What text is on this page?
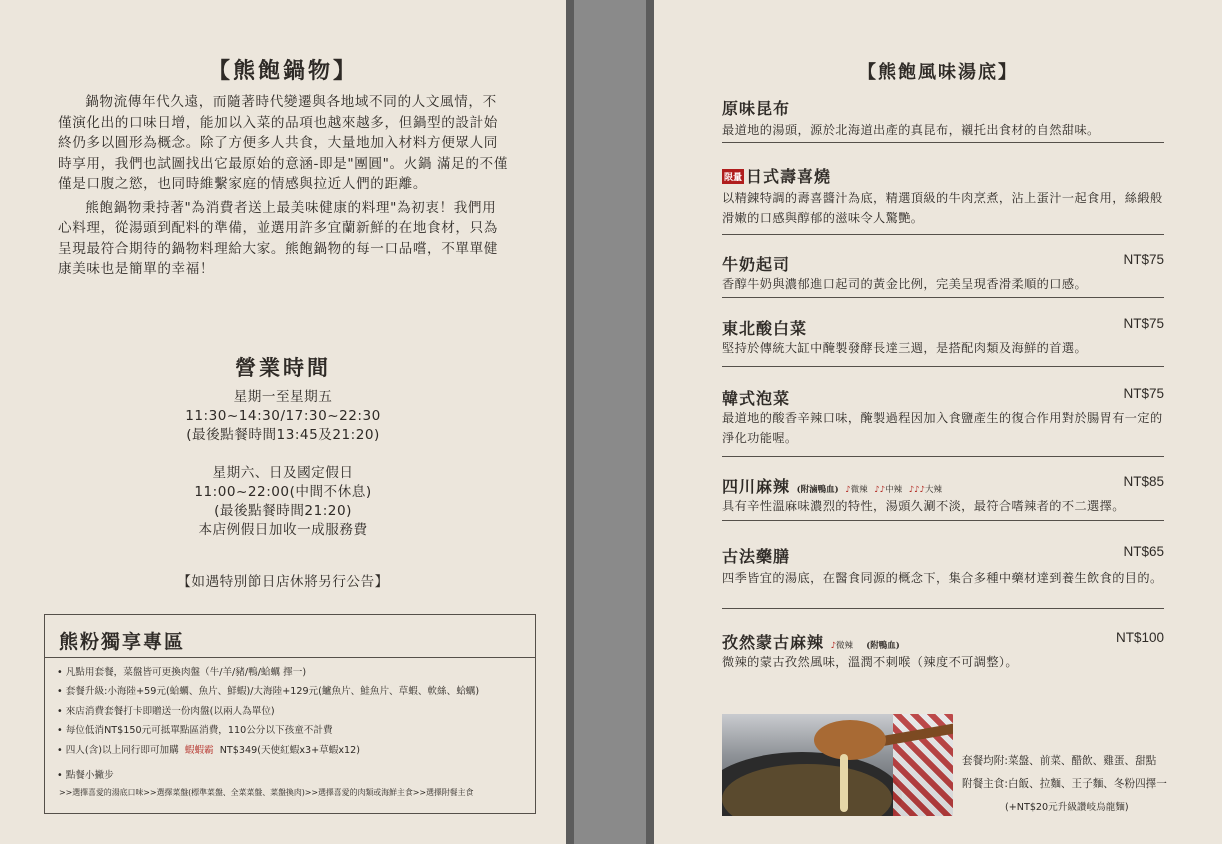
【熊飽鍋物】

鍋物流傳年代久遠，而隨著時代變遷與各地域不同的人文風情，不僅演化出的口味日增，能加以入菜的品項也越來越多，但鍋型的設計始終仍多以圓形為概念。除了方便多人共食，大量地加入材料方便眾人同時享用，我們也試圖找出它最原始的意涵-即是"團圓"。火鍋 滿足的不僅僅是口腹之慾，也同時維繫家庭的情感與拉近人們的距離。

熊飽鍋物秉持著"為消費者送上最美味健康的料理"為初衷！我們用心料理，從湯頭到配料的準備，並選用許多宜蘭新鮮的在地食材，只為呈現最符合期待的鍋物料理給大家。熊飽鍋物的每一口品嚐，不單單健康美味也是簡單的幸福！

營業時間
星期一至星期五
11:30~14:30/17:30~22:30
(最後點餐時間13:45及21:20)
星期六、日及國定假日
11:00~22:00(中間不休息)
(最後點餐時間21:20)
本店例假日加收一成服務費
【如遇特別節日店休將另行公告】
熊粉獨享專區
• 凡點用套餐，菜盤皆可更換肉盤（牛/羊/豬/鴨/蛤蠣 擇一)
• 套餐升級:小海陸+59元(蛤蠣、魚片、鮮蝦)/大海陸+129元(鱸魚片、鮭魚片、草蝦、軟絲、蛤蠣)
• 來店消費套餐打卡即贈送一份肉盤(以兩人為單位)
• 每位低消NT$150元可抵單點區消費，110公分以下孩童不計費
• 四人(含)以上同行即可加購 蝦蝦霸 NT$349(天使紅蝦x3+草蝦x12)
• 點餐小撇步
>>選擇喜愛的湯底口味>>選擇菜盤(標準菜盤、全菜菜盤、菜盤換肉)>>選擇喜愛的肉類或海鮮主食>>選擇附餐主食
【熊飽風味湯底】
原味昆布
最道地的湯頭，源於北海道出產的真昆布，襯托出食材的自然甜味。
限量 日式壽喜燒
以精錬特調的壽喜醬汁為底，精選頂級的牛肉烹煮，沾上蛋汁一起食用，絲緞般滑嫩的口感與醇郁的滋味令人驚艷。
牛奶起司	NT$75
香醇牛奶與濃郁進口起司的黃金比例，完美呈現香滑柔順的口感。
東北酸白菜	NT$75
堅持於傳統大缸中醃製發酵長達三週，是搭配肉類及海鮮的首選。
韓式泡菜	NT$75
最道地的酸香辛辣口味，醃製過程因加入食鹽產生的復合作用對於腸胃有一定的淨化功能喔。
四川麻辣 (附滷鴨血) ♪微辣 ♪♪中辣 ♪♪♪大辣
NT$85
具有辛性溫麻味濃烈的特性，湯頭久涮不淡，最符合嗜辣者的不二選擇。
古法藥膳	NT$65
四季皆宜的湯底，在醫食同源的概念下，集合多種中藥材達到養生飲食的目的。
孜然蒙古麻辣 ♪微辣 (附鴨血)
NT$100
微辣的蒙古孜然風味，溫潤不刺喉（辣度不可調整）。
套餐均附:菜盤、前菜、醋飲、雞蛋、甜點
附餐主食:白飯、拉麵、王子麵、冬粉四擇一
(+NT$20元升級讚岐烏龍麵)
